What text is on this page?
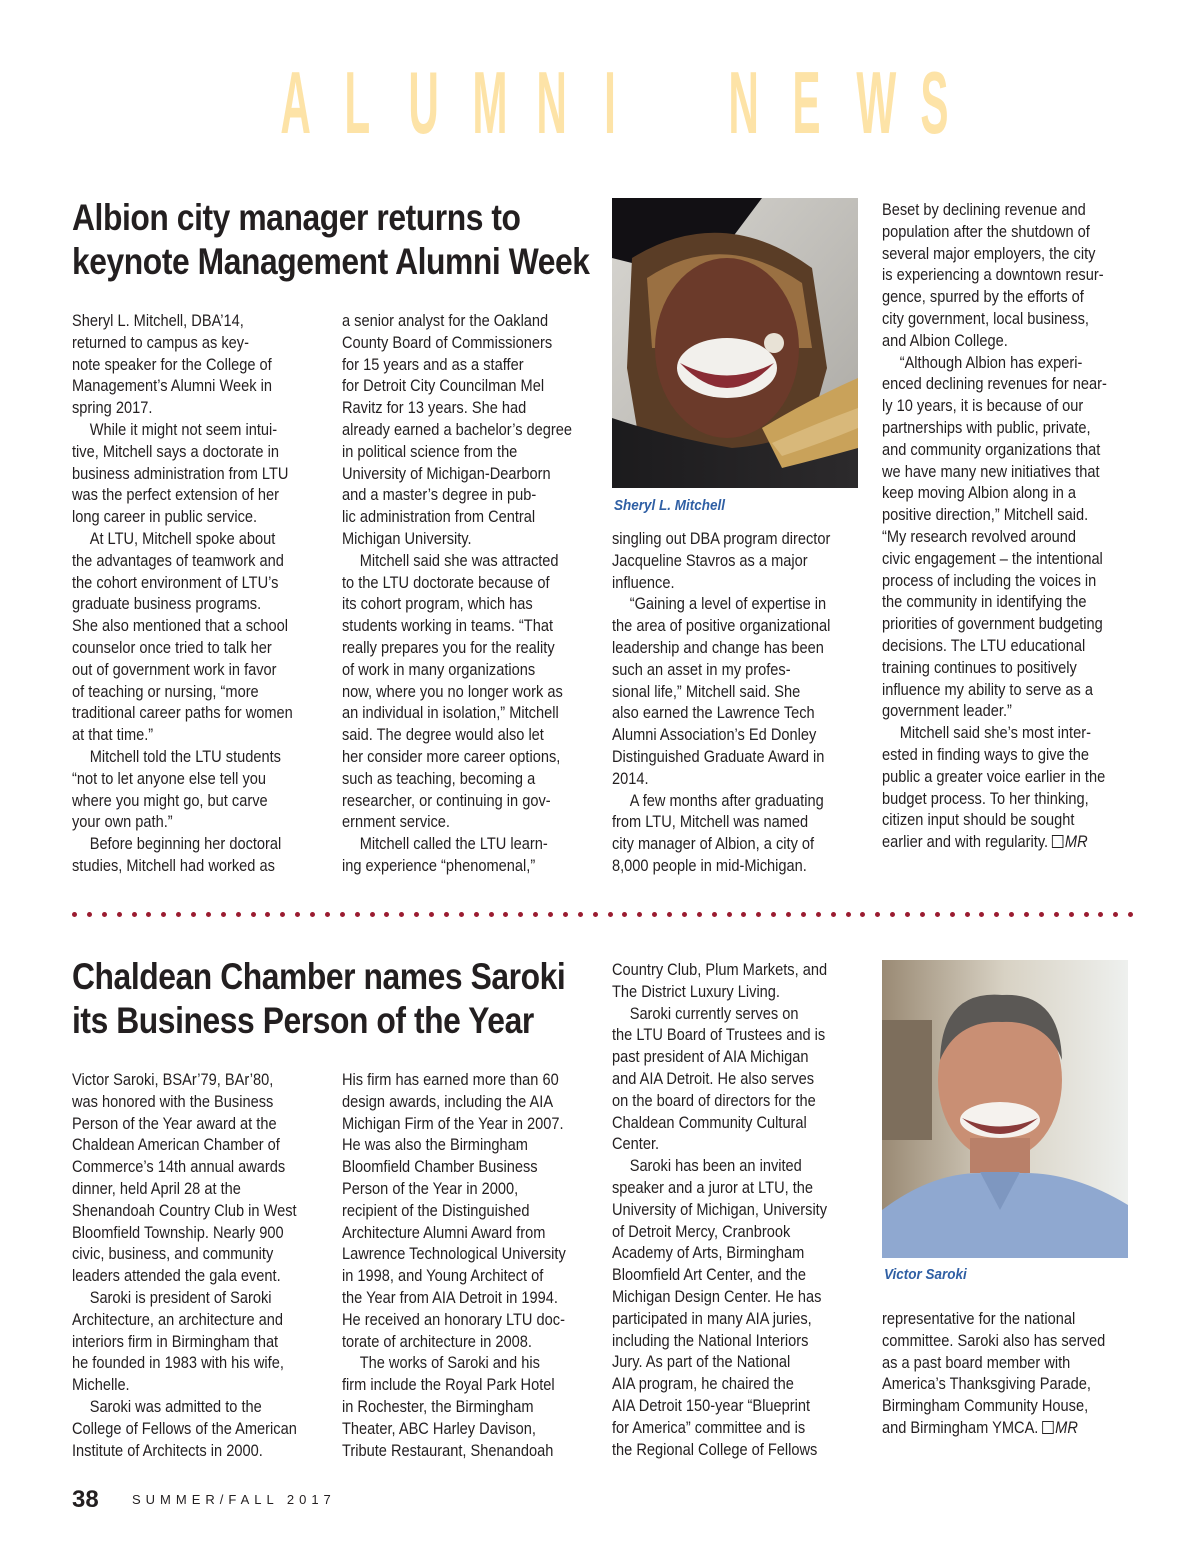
A L U M N I N E W S
Albion city manager returns to
keynote Management Alumni Week
Sheryl L. Mitchell, DBA’14,
returned to campus as key-
note speaker for the College of
Management’s Alumni Week in
spring 2017.
While it might not seem intui-
tive, Mitchell says a doctorate in
business administration from LTU
was the perfect extension of her
long career in public service.
At LTU, Mitchell spoke about
the advantages of teamwork and
the cohort environment of LTU’s
graduate business programs.
She also mentioned that a school
counselor once tried to talk her
out of government work in favor
of teaching or nursing, “more
traditional career paths for women
at that time.”
Mitchell told the LTU students
“not to let anyone else tell you
where you might go, but carve
your own path.”
Before beginning her doctoral
studies, Mitchell had worked as
a senior analyst for the Oakland
County Board of Commissioners
for 15 years and as a staffer
for Detroit City Councilman Mel
Ravitz for 13 years. She had
already earned a bachelor’s degree
in political science from the
University of Michigan-Dearborn
and a master’s degree in pub-
lic administration from Central
Michigan University.
Mitchell said she was attracted
to the LTU doctorate because of
its cohort program, which has
students working in teams. “That
really prepares you for the reality
of work in many organizations
now, where you no longer work as
an individual in isolation,” Mitchell
said. The degree would also let
her consider more career options,
such as teaching, becoming a
researcher, or continuing in gov-
ernment service.
Mitchell called the LTU learn-
ing experience “phenomenal,”
Sheryl L. Mitchell
singling out DBA program director
Jacqueline Stavros as a major
influence.
“Gaining a level of expertise in
the area of positive organizational
leadership and change has been
such an asset in my profes-
sional life,” Mitchell said. She
also earned the Lawrence Tech
Alumni Association’s Ed Donley
Distinguished Graduate Award in
2014.
A few months after graduating
from LTU, Mitchell was named
city manager of Albion, a city of
8,000 people in mid-Michigan.
Beset by declining revenue and
population after the shutdown of
several major employers, the city
is experiencing a downtown resur-
gence, spurred by the efforts of
city government, local business,
and Albion College.
“Although Albion has experi-
enced declining revenues for near-
ly 10 years, it is because of our
partnerships with public, private,
and community organizations that
we have many new initiatives that
keep moving Albion along in a
positive direction,” Mitchell said.
“My research revolved around
civic engagement – the intentional
process of including the voices in
the community in identifying the
priorities of government budgeting
decisions. The LTU educational
training continues to positively
influence my ability to serve as a
government leader.”
Mitchell said she’s most inter-
ested in finding ways to give the
public a greater voice earlier in the
budget process. To her thinking,
citizen input should be sought
earlier and with regularity. MR
Chaldean Chamber names Saroki
its Business Person of the Year
Victor Saroki, BSAr’79, BAr’80,
was honored with the Business
Person of the Year award at the
Chaldean American Chamber of
Commerce’s 14th annual awards
dinner, held April 28 at the
Shenandoah Country Club in West
Bloomfield Township. Nearly 900
civic, business, and community
leaders attended the gala event.
Saroki is president of Saroki
Architecture, an architecture and
interiors firm in Birmingham that
he founded in 1983 with his wife,
Michelle.
Saroki was admitted to the
College of Fellows of the American
Institute of Architects in 2000.
His firm has earned more than 60
design awards, including the AIA
Michigan Firm of the Year in 2007.
He was also the Birmingham
Bloomfield Chamber Business
Person of the Year in 2000,
recipient of the Distinguished
Architecture Alumni Award from
Lawrence Technological University
in 1998, and Young Architect of
the Year from AIA Detroit in 1994.
He received an honorary LTU doc-
torate of architecture in 2008.
The works of Saroki and his
firm include the Royal Park Hotel
in Rochester, the Birmingham
Theater, ABC Harley Davison,
Tribute Restaurant, Shenandoah
Country Club, Plum Markets, and
The District Luxury Living.
Saroki currently serves on
the LTU Board of Trustees and is
past president of AIA Michigan
and AIA Detroit. He also serves
on the board of directors for the
Chaldean Community Cultural
Center.
Saroki has been an invited
speaker and a juror at LTU, the
University of Michigan, University
of Detroit Mercy, Cranbrook
Academy of Arts, Birmingham
Bloomfield Art Center, and the
Michigan Design Center. He has
participated in many AIA juries,
including the National Interiors
Jury. As part of the National
AIA program, he chaired the
AIA Detroit 150-year “Blueprint
for America” committee and is
the Regional College of Fellows
Victor Saroki
representative for the national
committee. Saroki also has served
as a past board member with
America’s Thanksgiving Parade,
Birmingham Community House,
and Birmingham YMCA. MR
38	SUMMER/FALL 2017
